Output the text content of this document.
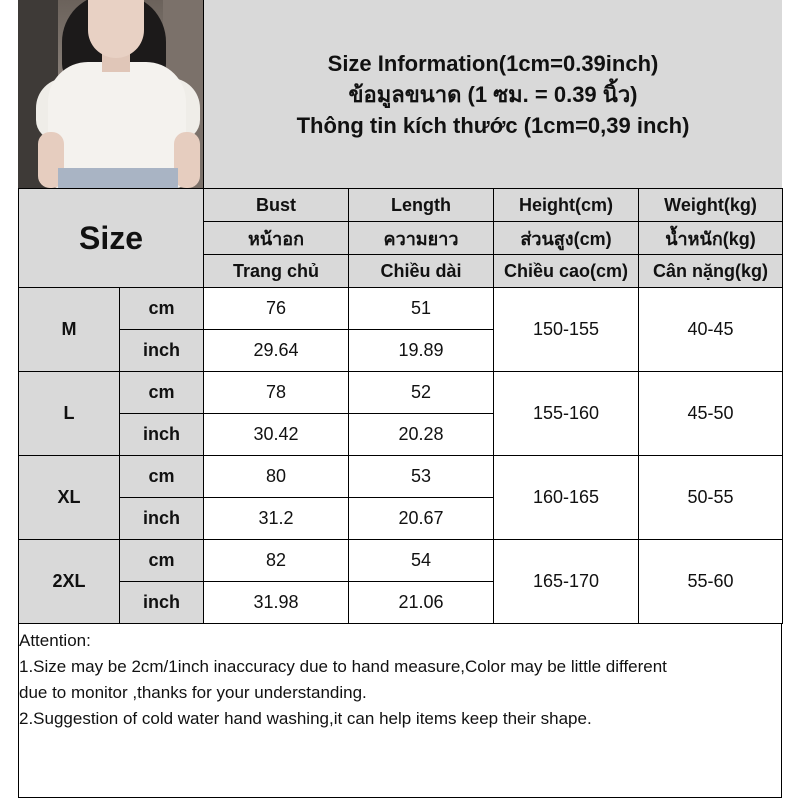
Size Information(1cm=0.39inch)
ข้อมูลขนาด (1 ซม. = 0.39 นิ้ว)
Thông tin kích thước (1cm=0,39 inch)
Size		Bust	Length	Height(cm)	Weight(kg)
		หน้าอก	ความยาว	ส่วนสูง(cm)	น้ำหนัก(kg)
		Trang chủ	Chiều dài	Chiều cao(cm)	Cân nặng(kg)
M	cm	76	51	150-155	40-45
	inch	29.64	19.89		
L	cm	78	52	155-160	45-50
	inch	30.42	20.28		
XL	cm	80	53	160-165	50-55
	inch	31.2	20.67		
2XL	cm	82	54	165-170	55-60
	inch	31.98	21.06		
Attention:
1.Size may be 2cm/1inch inaccuracy due to hand measure,Color may be little different
due to monitor ,thanks for your understanding.
2.Suggestion of cold water hand washing,it can help items keep their shape.
